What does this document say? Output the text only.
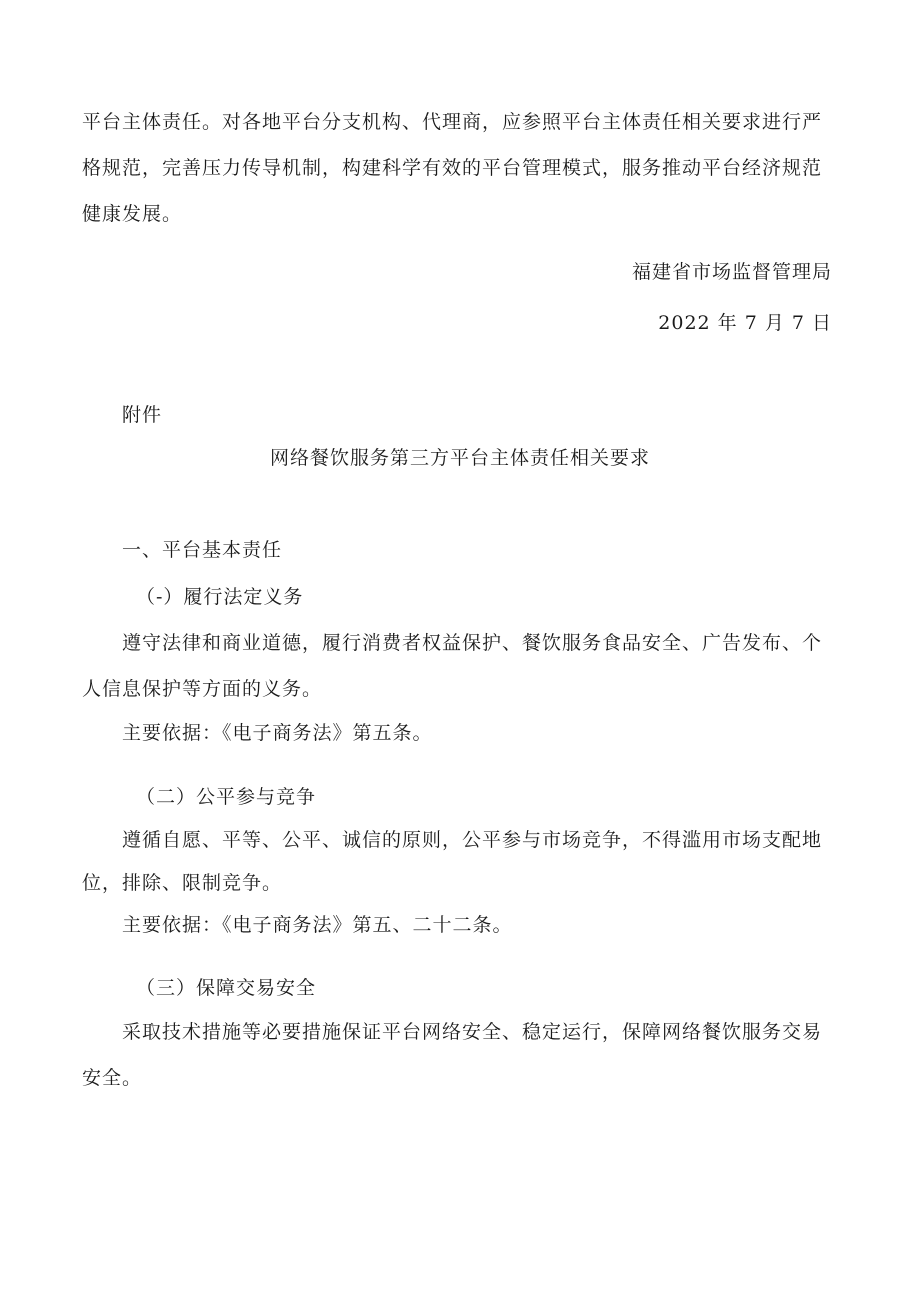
平台主体责任。对各地平台分支机构、代理商，应参照平台主体责任相关要求进行严
格规范，完善压力传导机制，构建科学有效的平台管理模式，服务推动平台经济规范
健康发展。
福建省市场监督管理局
2022 年 7 月 7 日
附件
网络餐饮服务第三方平台主体责任相关要求
一、平台基本责任
（-）履行法定义务
遵守法律和商业道德，履行消费者权益保护、餐饮服务食品安全、广告发布、个
人信息保护等方面的义务。
主要依据：《电子商务法》第五条。
（二）公平参与竞争
遵循自愿、平等、公平、诚信的原则，公平参与市场竞争，不得滥用市场支配地
位，排除、限制竞争。
主要依据：《电子商务法》第五、二十二条。
（三）保障交易安全
采取技术措施等必要措施保证平台网络安全、稳定运行，保障网络餐饮服务交易
安全。
